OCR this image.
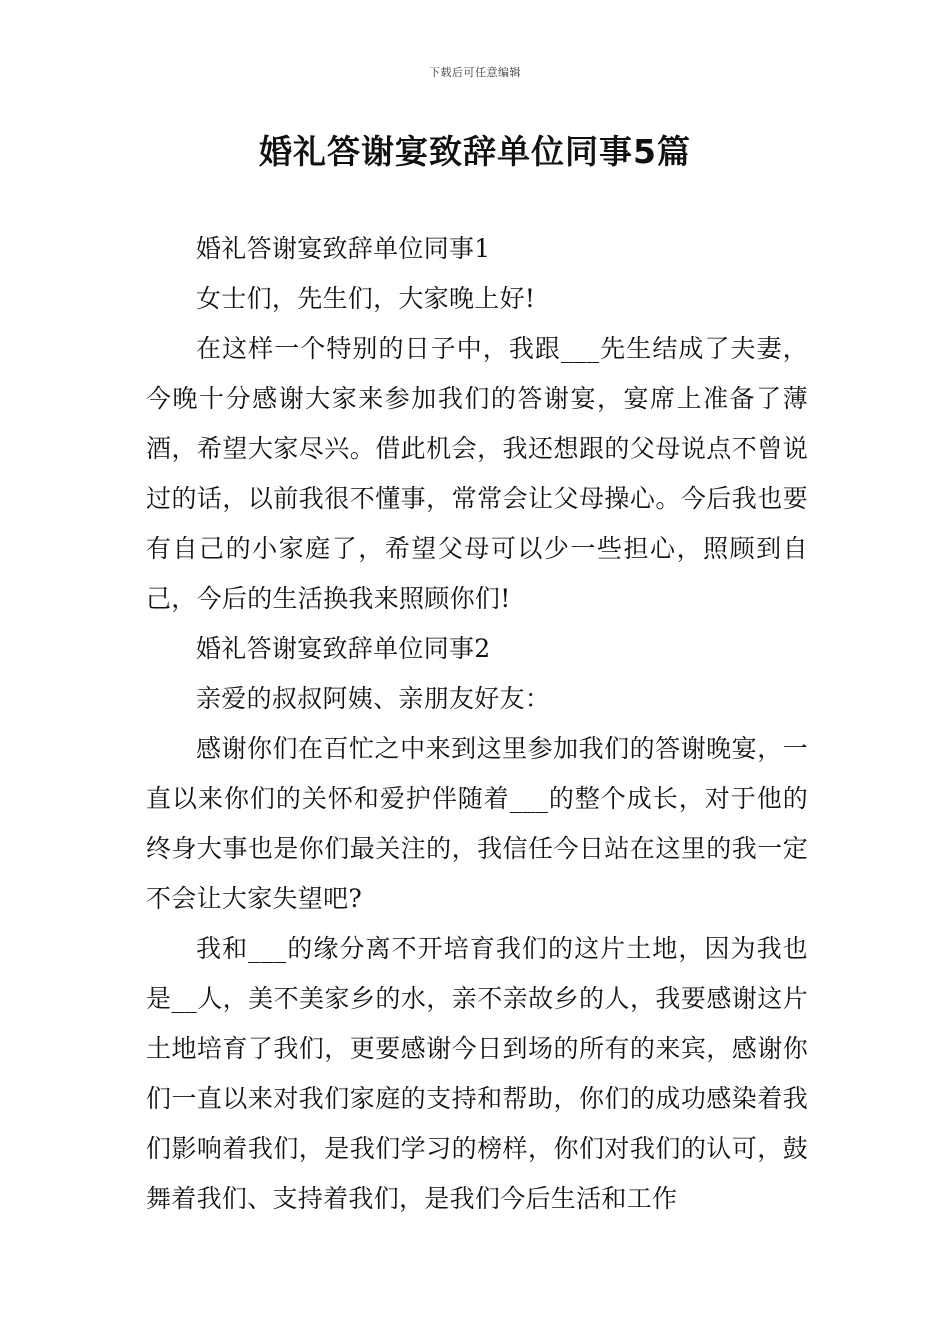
下载后可任意编辑
婚礼答谢宴致辞单位同事5篇

婚礼答谢宴致辞单位同事1

女士们，先生们，大家晚上好!

在这样一个特别的日子中，我跟___先生结成了夫妻，今晚十分感谢大家来参加我们的答谢宴，宴席上准备了薄酒，希望大家尽兴。借此机会，我还想跟的父母说点不曾说过的话，以前我很不懂事，常常会让父母操心。今后我也要有自己的小家庭了，希望父母可以少一些担心，照顾到自己，今后的生活换我来照顾你们!

婚礼答谢宴致辞单位同事2

亲爱的叔叔阿姨、亲朋友好友：

感谢你们在百忙之中来到这里参加我们的答谢晚宴，一直以来你们的关怀和爱护伴随着___的整个成长，对于他的终身大事也是你们最关注的，我信任今日站在这里的我一定不会让大家失望吧?

我和___的缘分离不开培育我们的这片土地，因为我也是__人，美不美家乡的水，亲不亲故乡的人，我要感谢这片土地培育了我们，更要感谢今日到场的所有的来宾，感谢你们一直以来对我们家庭的支持和帮助，你们的成功感染着我们影响着我们，是我们学习的榜样，你们对我们的认可，鼓舞着我们、支持着我们，是我们今后生活和工作
